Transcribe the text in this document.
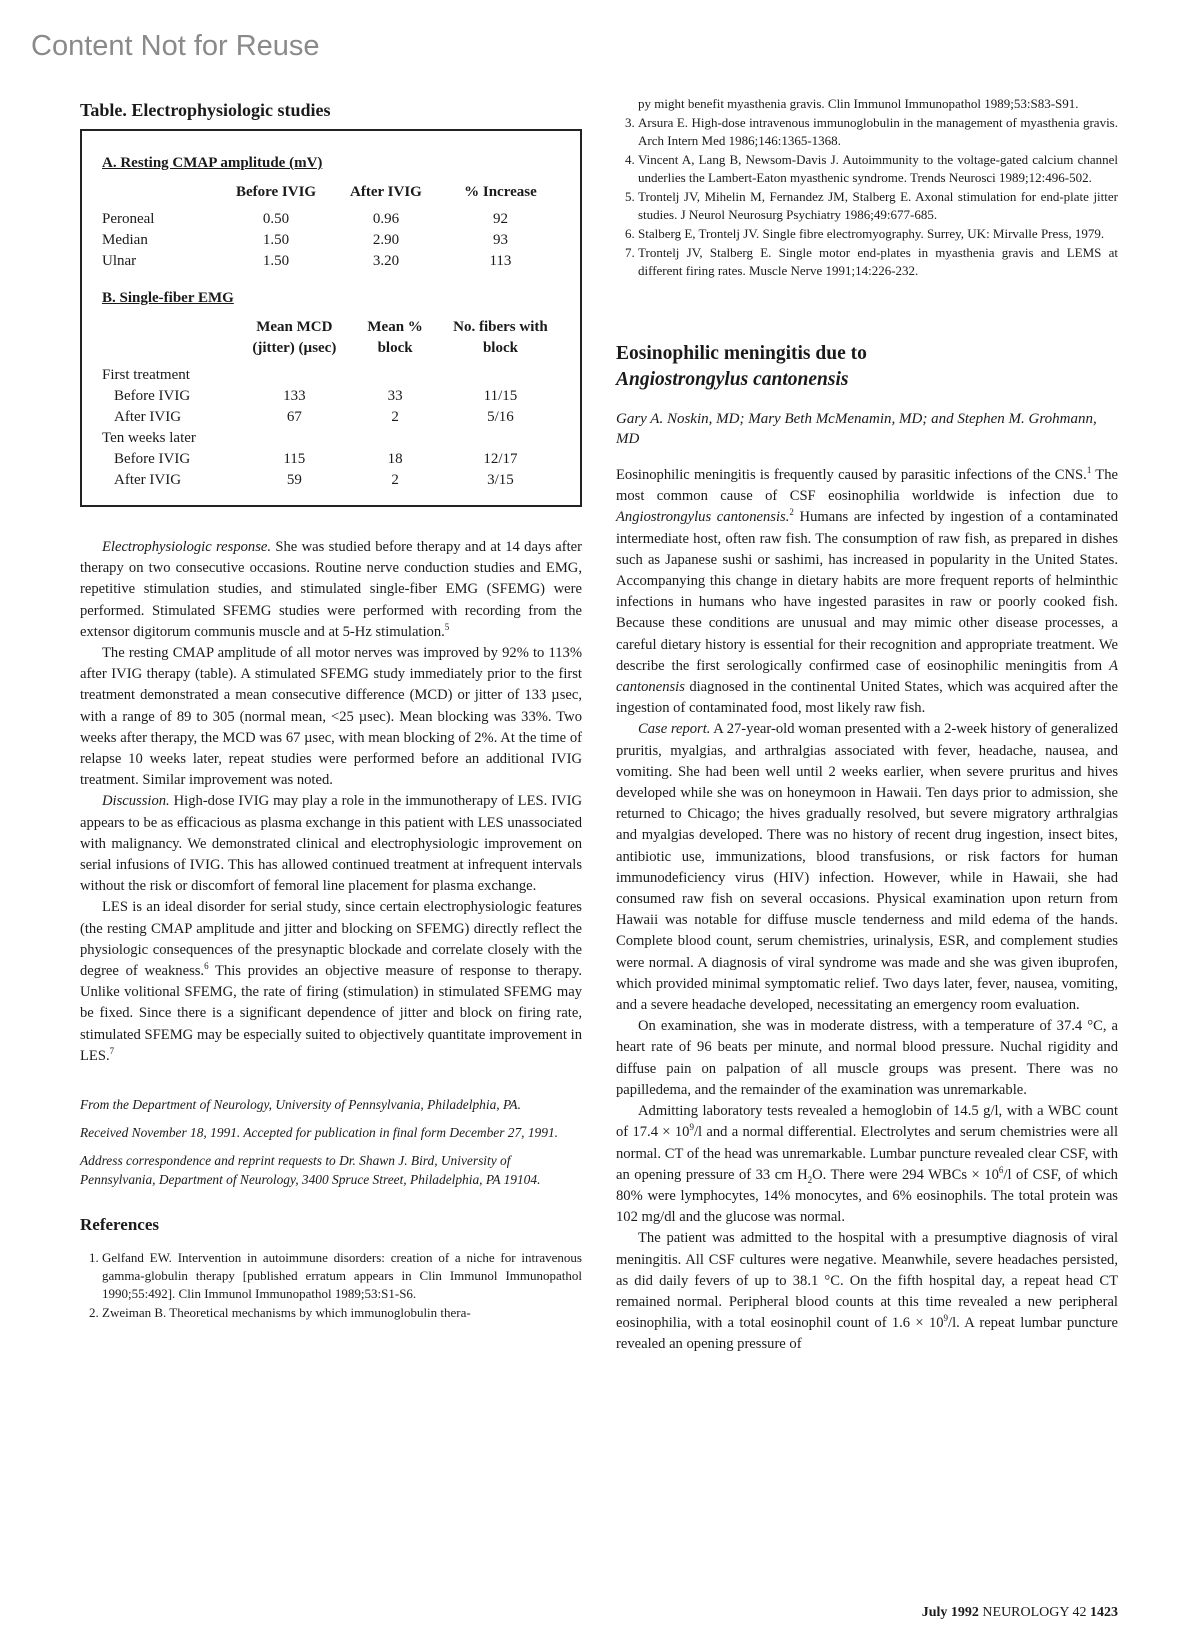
Content Not for Reuse
Table. Electrophysiologic studies
A. Resting CMAP amplitude (mV)
	Before IVIG	After IVIG	% Increase
Peroneal	0.50	0.96	92
Median	1.50	2.90	93
Ulnar	1.50	3.20	113
B. Single-fiber EMG
	Mean MCD (jitter) (µsec)	Mean % block	No. fibers with block
First treatment			
Before IVIG	133	33	11/15
After IVIG	67	2	5/16
Ten weeks later			
Before IVIG	115	18	12/17
After IVIG	59	2	3/15

Electrophysiologic response. She was studied before therapy and at 14 days after therapy on two consecutive occasions. Routine nerve conduction studies and EMG, repetitive stimulation studies, and stimulated single-fiber EMG (SFEMG) were performed. Stimulated SFEMG studies were performed with recording from the extensor digitorum communis muscle and at 5-Hz stimulation.$^5$

The resting CMAP amplitude of all motor nerves was improved by 92% to 113% after IVIG therapy (table). A stimulated SFEMG study immediately prior to the first treatment demonstrated a mean consecutive difference (MCD) or jitter of 133 µsec, with a range of 89 to 305 (normal mean, <25 µsec). Mean blocking was 33%. Two weeks after therapy, the MCD was 67 µsec, with mean blocking of 2%. At the time of relapse 10 weeks later, repeat studies were performed before an additional IVIG treatment. Similar improvement was noted.

Discussion. High-dose IVIG may play a role in the immunotherapy of LES. IVIG appears to be as efficacious as plasma exchange in this patient with LES unassociated with malignancy. We demonstrated clinical and electrophysiologic improvement on serial infusions of IVIG. This has allowed continued treatment at infrequent intervals without the risk or discomfort of femoral line placement for plasma exchange.

LES is an ideal disorder for serial study, since certain electrophysiologic features (the resting CMAP amplitude and jitter and blocking on SFEMG) directly reflect the physiologic consequences of the presynaptic blockade and correlate closely with the degree of weakness.$^6$ This provides an objective measure of response to therapy. Unlike volitional SFEMG, the rate of firing (stimulation) in stimulated SFEMG may be fixed. Since there is a significant dependence of jitter and block on firing rate, stimulated SFEMG may be especially suited to objectively quantitate improvement in LES.$^7$

From the Department of Neurology, University of Pennsylvania, Philadelphia, PA.

Received November 18, 1991. Accepted for publication in final form December 27, 1991.

Address correspondence and reprint requests to Dr. Shawn J. Bird, University of Pennsylvania, Department of Neurology, 3400 Spruce Street, Philadelphia, PA 19104.

References
1. Gelfand EW. Intervention in autoimmune disorders: creation of a niche for intravenous gamma-globulin therapy [published erratum appears in Clin Immunol Immunopathol 1990;55:492]. Clin Immunol Immunopathol 1989;53:S1-S6.
2. Zweiman B. Theoretical mechanisms by which immunoglobulin thera-
py might benefit myasthenia gravis. Clin Immunol Immunopathol 1989;53:S83-S91.
3. Arsura E. High-dose intravenous immunoglobulin in the management of myasthenia gravis. Arch Intern Med 1986;146:1365-1368.
4. Vincent A, Lang B, Newsom-Davis J. Autoimmunity to the voltage-gated calcium channel underlies the Lambert-Eaton myasthenic syndrome. Trends Neurosci 1989;12:496-502.
5. Trontelj JV, Mihelin M, Fernandez JM, Stalberg E. Axonal stimulation for end-plate jitter studies. J Neurol Neurosurg Psychiatry 1986;49:677-685.
6. Stalberg E, Trontelj JV. Single fibre electromyography. Surrey, UK: Mirvalle Press, 1979.
7. Trontelj JV, Stalberg E. Single motor end-plates in myasthenia gravis and LEMS at different firing rates. Muscle Nerve 1991;14:226-232.
Eosinophilic meningitis due to
Angiostrongylus cantonensis
Gary A. Noskin, MD; Mary Beth McMenamin, MD; and Stephen M. Grohmann, MD

Eosinophilic meningitis is frequently caused by parasitic infections of the CNS.$^1$ The most common cause of CSF eosinophilia worldwide is infection due to Angiostrongylus cantonensis.$^2$ Humans are infected by ingestion of a contaminated intermediate host, often raw fish. The consumption of raw fish, as prepared in dishes such as Japanese sushi or sashimi, has increased in popularity in the United States. Accompanying this change in dietary habits are more frequent reports of helminthic infections in humans who have ingested parasites in raw or poorly cooked fish. Because these conditions are unusual and may mimic other disease processes, a careful dietary history is essential for their recognition and appropriate treatment. We describe the first serologically confirmed case of eosinophilic meningitis from A cantonensis diagnosed in the continental United States, which was acquired after the ingestion of contaminated food, most likely raw fish.

Case report. A 27-year-old woman presented with a 2-week history of generalized pruritis, myalgias, and arthralgias associated with fever, headache, nausea, and vomiting. She had been well until 2 weeks earlier, when severe pruritus and hives developed while she was on honeymoon in Hawaii. Ten days prior to admission, she returned to Chicago; the hives gradually resolved, but severe migratory arthralgias and myalgias developed. There was no history of recent drug ingestion, insect bites, antibiotic use, immunizations, blood transfusions, or risk factors for human immunodeficiency virus (HIV) infection. However, while in Hawaii, she had consumed raw fish on several occasions. Physical examination upon return from Hawaii was notable for diffuse muscle tenderness and mild edema of the hands. Complete blood count, serum chemistries, urinalysis, ESR, and complement studies were normal. A diagnosis of viral syndrome was made and she was given ibuprofen, which provided minimal symptomatic relief. Two days later, fever, nausea, vomiting, and a severe headache developed, necessitating an emergency room evaluation.

On examination, she was in moderate distress, with a temperature of 37.4 °C, a heart rate of 96 beats per minute, and normal blood pressure. Nuchal rigidity and diffuse pain on palpation of all muscle groups was present. There was no papilledema, and the remainder of the examination was unremarkable.

Admitting laboratory tests revealed a hemoglobin of 14.5 g/l, with a WBC count of $17.4 \times 10^9/l$ and a normal differential. Electrolytes and serum chemistries were all normal. CT of the head was unremarkable. Lumbar puncture revealed clear CSF, with an opening pressure of 33 cm $H_2O$. There were 294 WBCs × $10^6/l$ of CSF, of which 80% were lymphocytes, 14% monocytes, and 6% eosinophils. The total protein was 102 mg/dl and the glucose was normal.

The patient was admitted to the hospital with a presumptive diagnosis of viral meningitis. All CSF cultures were negative. Meanwhile, severe headaches persisted, as did daily fevers of up to 38.1 °C. On the fifth hospital day, a repeat head CT remained normal. Peripheral blood counts at this time revealed a new peripheral eosinophilia, with a total eosinophil count of $1.6 \times 10^9/l$. A repeat lumbar puncture revealed an opening pressure of

July 1992 NEUROLOGY 42 1423
